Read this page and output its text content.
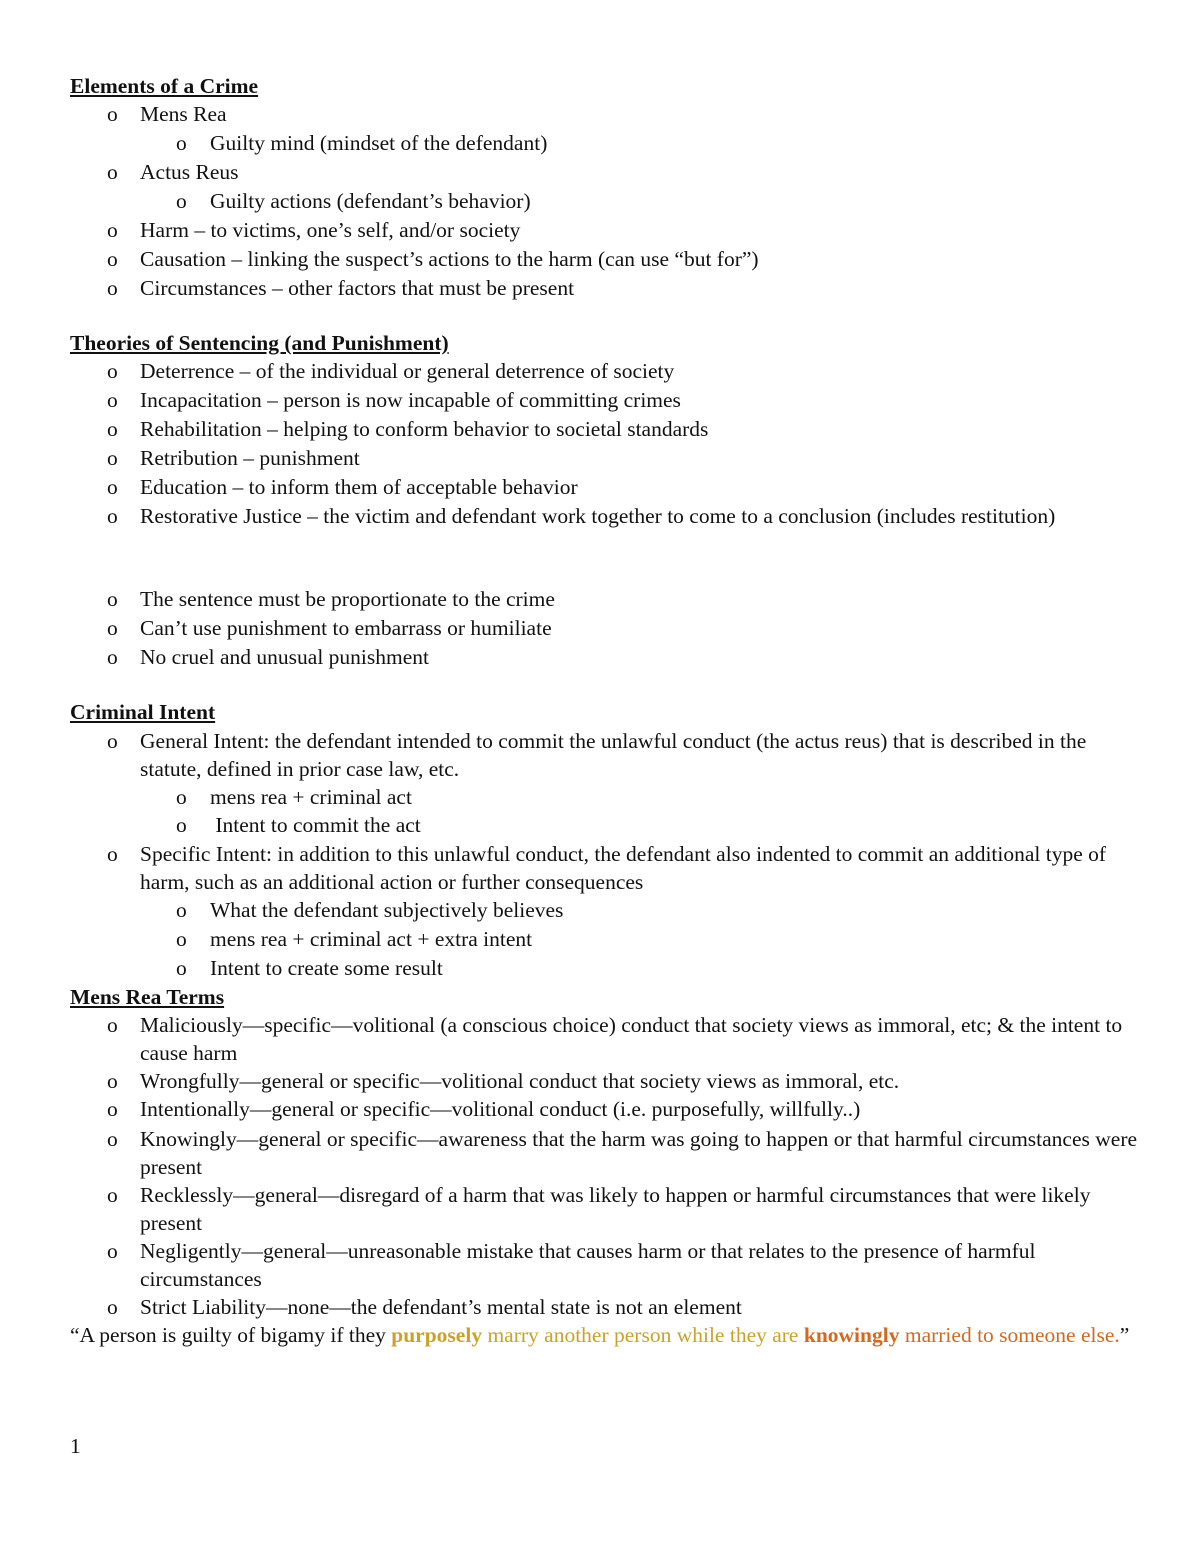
Elements of a Crime
o Mens Rea
o Guilty mind (mindset of the defendant)
o Actus Reus
o Guilty actions (defendant’s behavior)
o Harm – to victims, one’s self, and/or society
o Causation – linking the suspect’s actions to the harm (can use “but for”)
o Circumstances – other factors that must be present
Theories of Sentencing (and Punishment)
o Deterrence – of the individual or general deterrence of society
o Incapacitation – person is now incapable of committing crimes
o Rehabilitation – helping to conform behavior to societal standards
o Retribution – punishment
o Education – to inform them of acceptable behavior
o Restorative Justice – the victim and defendant work together to come to a conclusion (includes restitution)
o The sentence must be proportionate to the crime
o Can’t use punishment to embarrass or humiliate
o No cruel and unusual punishment
Criminal Intent
o General Intent: the defendant intended to commit the unlawful conduct (the actus reus) that is described in the statute, defined in prior case law, etc.
o mens rea + criminal act
o Intent to commit the act
o Specific Intent: in addition to this unlawful conduct, the defendant also indented to commit an additional type of harm, such as an additional action or further consequences
o What the defendant subjectively believes
o mens rea + criminal act + extra intent
o Intent to create some result
Mens Rea Terms
o Maliciously—specific—volitional (a conscious choice) conduct that society views as immoral, etc; & the intent to cause harm
o Wrongfully—general or specific—volitional conduct that society views as immoral, etc.
o Intentionally—general or specific—volitional conduct (i.e. purposefully, willfully..)
o Knowingly—general or specific—awareness that the harm was going to happen or that harmful circumstances were present
o Recklessly—general—disregard of a harm that was likely to happen or harmful circumstances that were likely present
o Negligently—general—unreasonable mistake that causes harm or that relates to the presence of harmful circumstances
o Strict Liability—none—the defendant’s mental state is not an element
“A person is guilty of bigamy if they purposely marry another person while they are knowingly married to someone else.”
1
